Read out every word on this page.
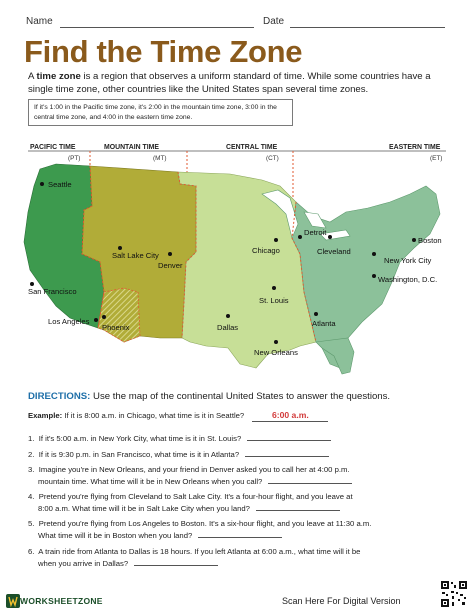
Name	Date
Find the Time Zone
A time zone is a region that observes a uniform standard of time. While some countries have a single time zone, other countries like the United States span several time zones.
If it's 1:00 in the Pacific time zone, it's 2:00 in the mountain time zone, 3:00 in the central time zone, and 4:00 in the eastern time zone.
PACIFIC TIME
(PT)
MOUNTAIN TIME
(MT)
CENTRAL TIME
(CT)
EASTERN TIME
(ET)
Seattle
San Francisco
Los Angeles
Salt Lake City
Denver
Phoenix
Chicago
St. Louis
Dallas
New Orleans
Detroit
Cleveland
Boston
New York City
Washington, D.C.
Atlanta
DIRECTIONS: Use the map of the continental United States to answer the questions.
Example: If it is 8:00 a.m. in Chicago, what time is it in Seattle?	6:00 a.m.
1. If it's 5:00 a.m. in New York City, what time is it in St. Louis?
2. If it is 9:30 p.m. in San Francisco, what time is it in Atlanta?
3. Imagine you're in New Orleans, and your friend in Denver asked you to call her at 4:00 p.m.
mountain time. What time will it be in New Orleans when you call?
4. Pretend you're flying from Cleveland to Salt Lake City. It's a four-hour flight, and you leave at
8:00 a.m. What time will it be in Salt Lake City when you land?
5. Pretend you're flying from Los Angeles to Boston. It's a six-hour flight, and you leave at 11:30 a.m.
What time will it be in Boston when you land?
6. A train ride from Atlanta to Dallas is 18 hours. If you left Atlanta at 6:00 a.m., what time will it be
when you arrive in Dallas?
WORKSHEETZONE	Scan Here For Digital Version
